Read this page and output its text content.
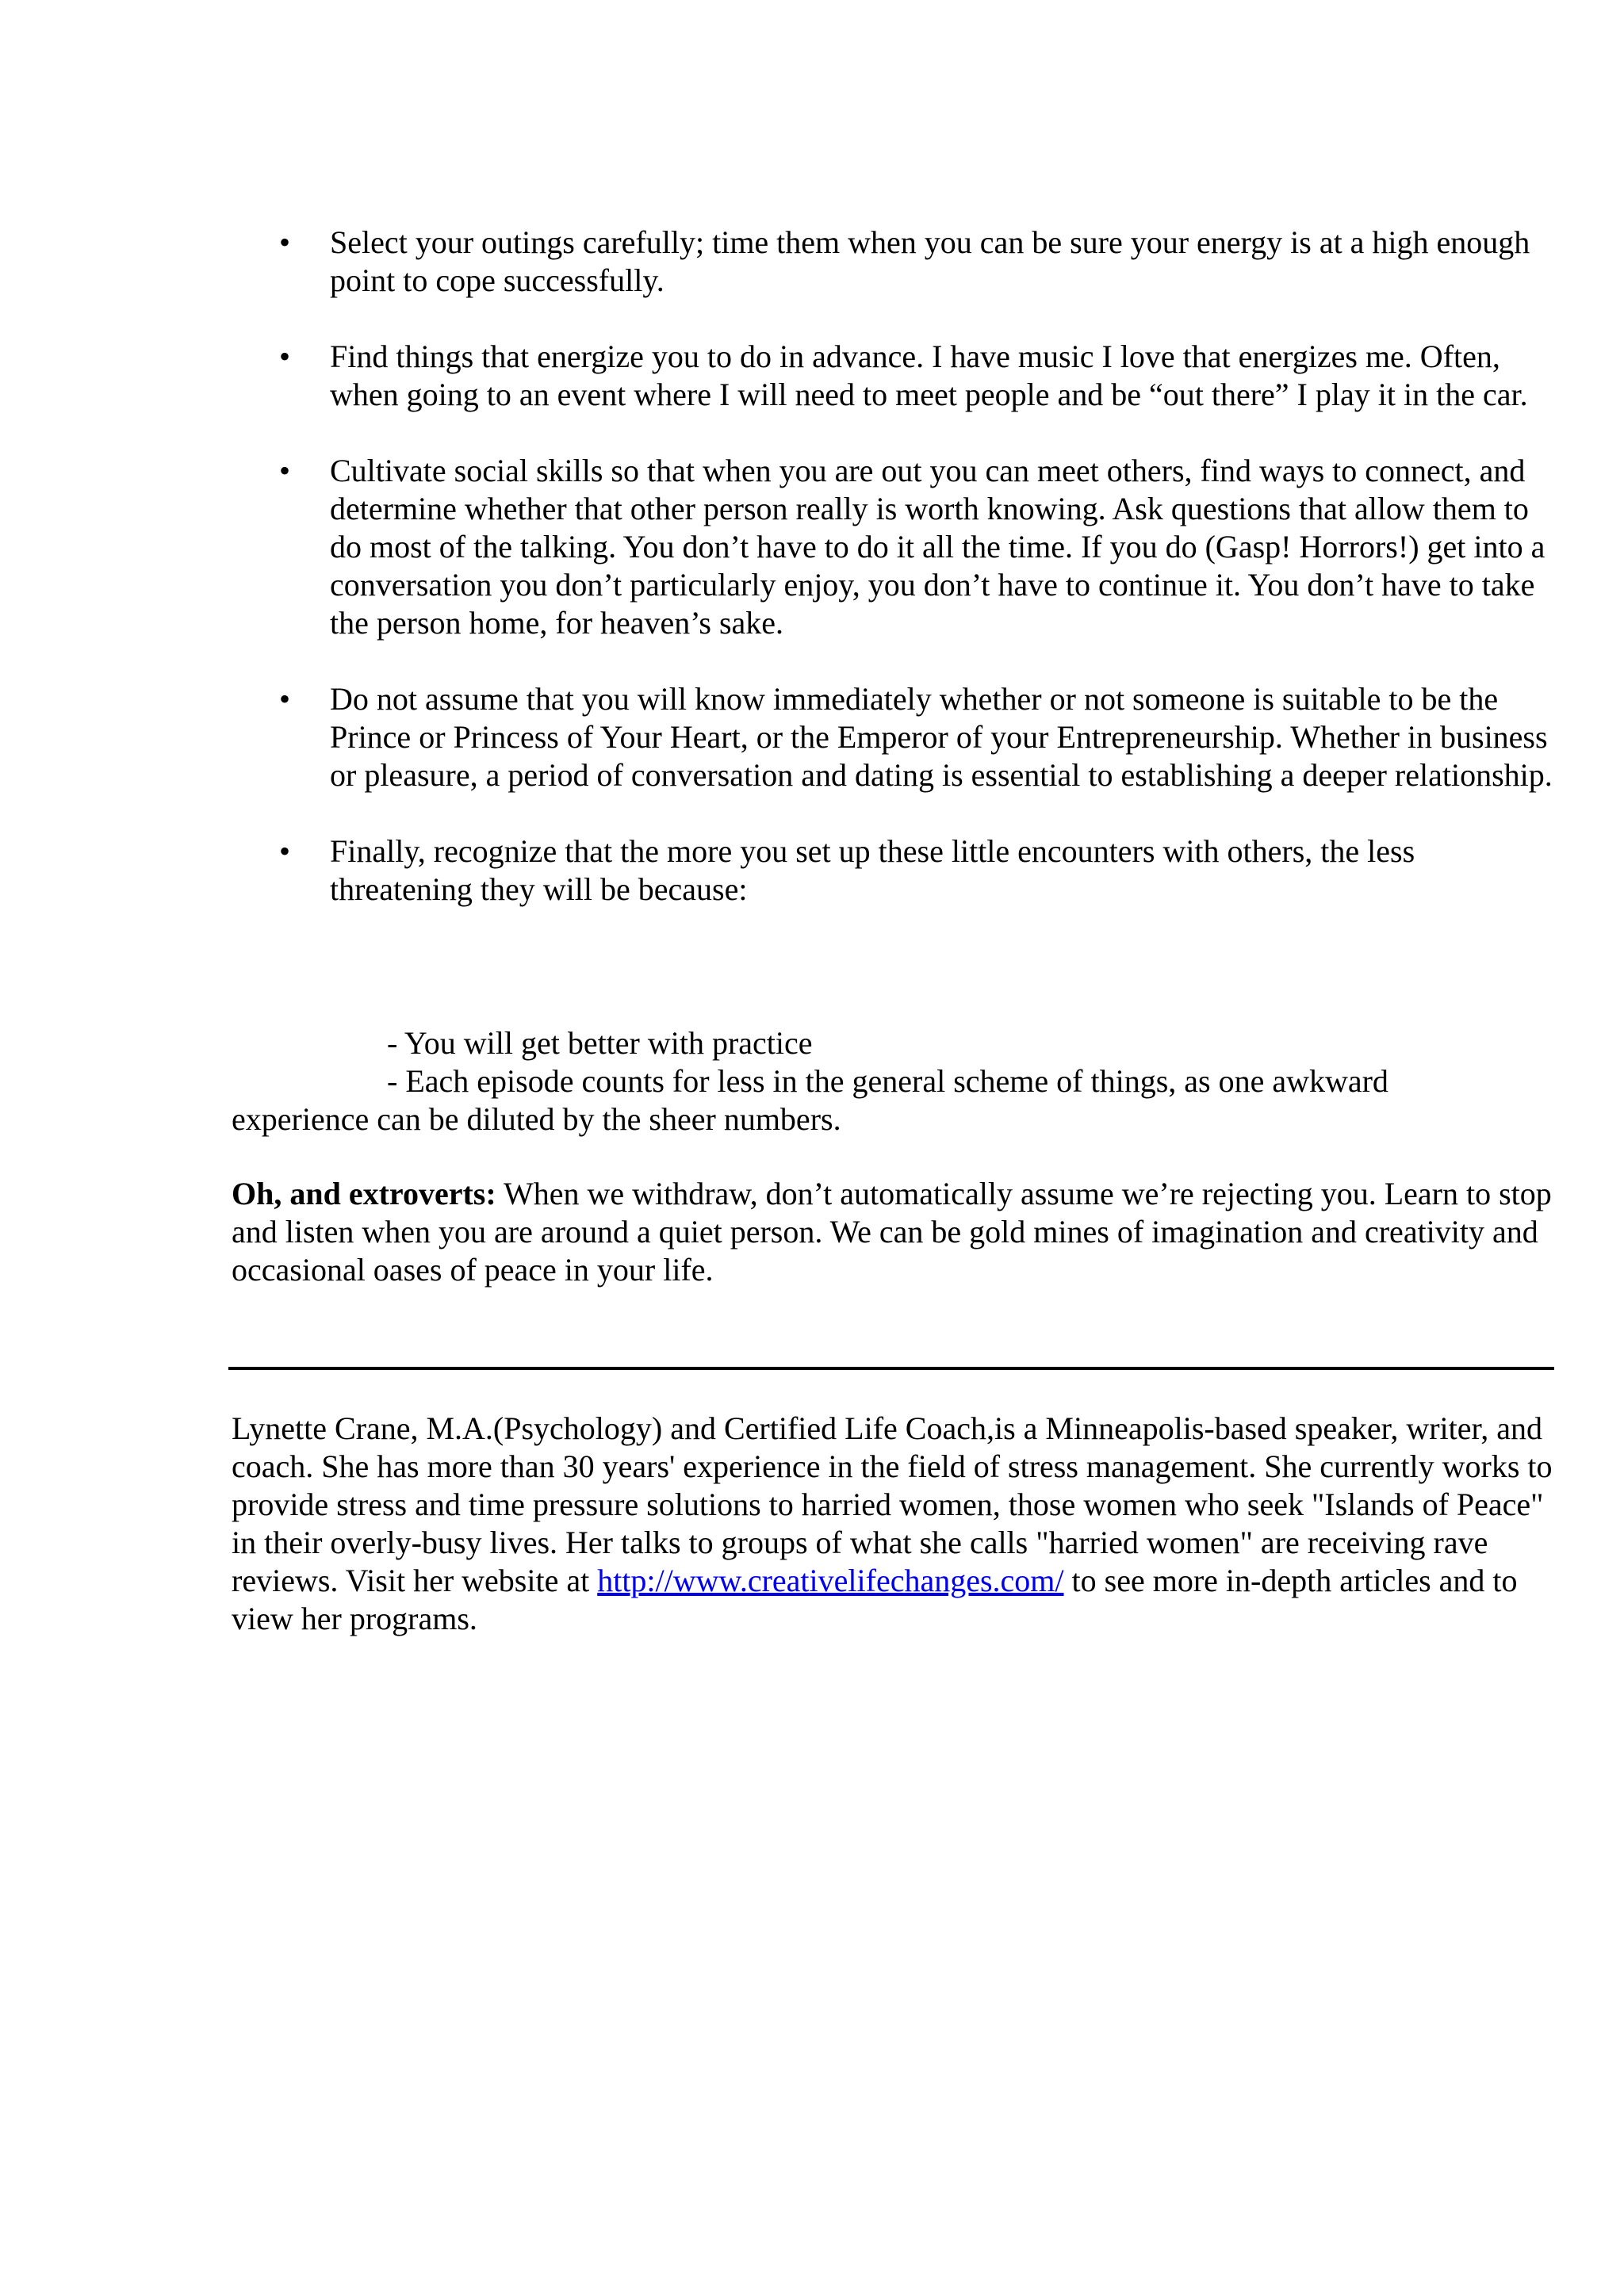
•	Select your outings carefully; time them when you can be sure your energy is at a high enough point to cope successfully.
•	Find things that energize you to do in advance. I have music I love that energizes me. Often, when going to an event where I will need to meet people and be “out there” I play it in the car.
•	Cultivate social skills so that when you are out you can meet others, find ways to connect, and determine whether that other person really is worth knowing. Ask questions that allow them to do most of the talking. You don’t have to do it all the time. If you do (Gasp! Horrors!) get into a conversation you don’t particularly enjoy, you don’t have to continue it. You don’t have to take the person home, for heaven’s sake.
•	Do not assume that you will know immediately whether or not someone is suitable to be the Prince or Princess of Your Heart, or the Emperor of your Entrepreneurship. Whether in business or pleasure, a period of conversation and dating is essential to establishing a deeper relationship.
•	Finally, recognize that the more you set up these little encounters with others, the less threatening they will be because:
- You will get better with practice
- Each episode counts for less in the general scheme of things, as one awkward
experience can be diluted by the sheer numbers.

Oh, and extroverts: When we withdraw, don’t automatically assume we’re rejecting you. Learn to stop and listen when you are around a quiet person. We can be gold mines of imagination and creativity and occasional oases of peace in your life.

Lynette Crane, M.A.(Psychology) and Certified Life Coach,is a Minneapolis-based speaker, writer, and coach. She has more than 30 years' experience in the field of stress management. She currently works to provide stress and time pressure solutions to harried women, those women who seek "Islands of Peace" in their overly-busy lives. Her talks to groups of what she calls "harried women" are receiving rave reviews. Visit her website at http://www.creativelifechanges.com/ to see more in-depth articles and to view her programs.
